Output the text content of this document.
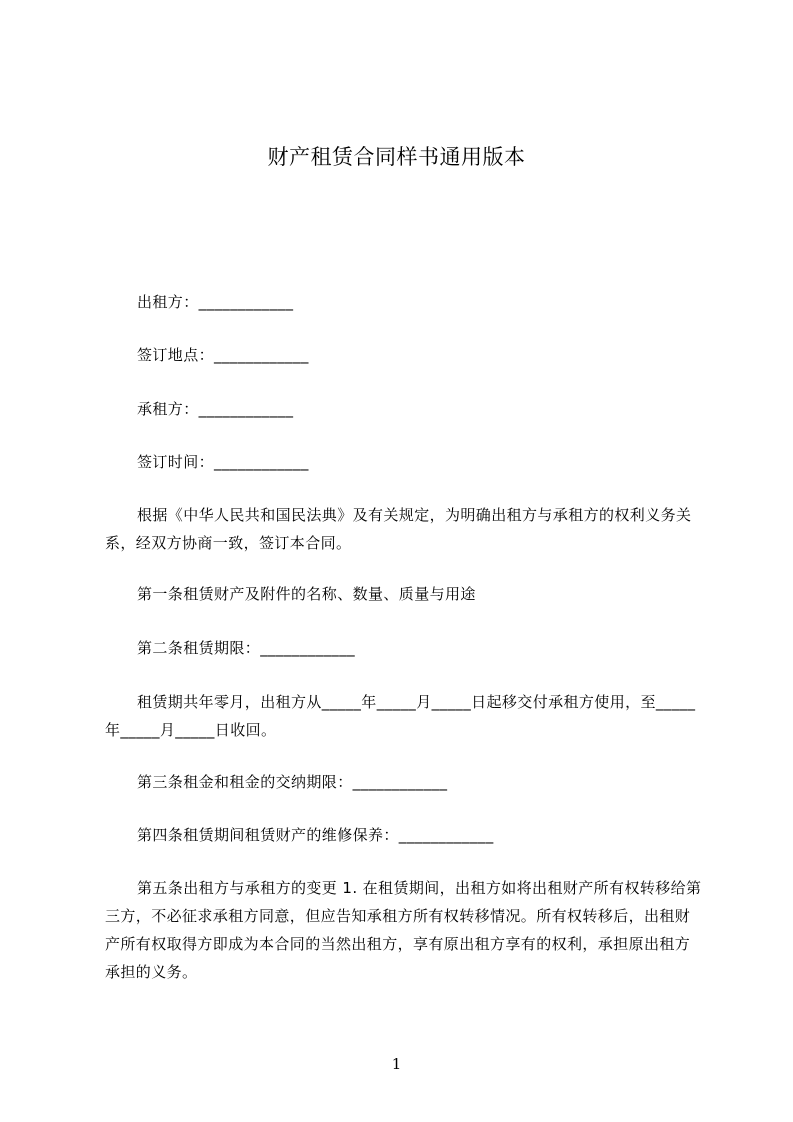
财产租赁合同样书通用版本

出租方：____________

签订地点：____________

承租方：____________

签订时间：____________

根据《中华人民共和国民法典》及有关规定，为明确出租方与承租方的权利义务关系，经双方协商一致，签订本合同。

第一条租赁财产及附件的名称、数量、质量与用途

第二条租赁期限：____________

租赁期共年零月，出租方从_____年_____月_____日起移交付承租方使用，至_____年_____月_____日收回。

第三条租金和租金的交纳期限：____________

第四条租赁期间租赁财产的维修保养：____________

第五条出租方与承租方的变更 1. 在租赁期间，出租方如将出租财产所有权转移给第三方，不必征求承租方同意，但应告知承租方所有权转移情况。所有权转移后，出租财产所有权取得方即成为本合同的当然出租方，享有原出租方享有的权利，承担原出租方承担的义务。

1
